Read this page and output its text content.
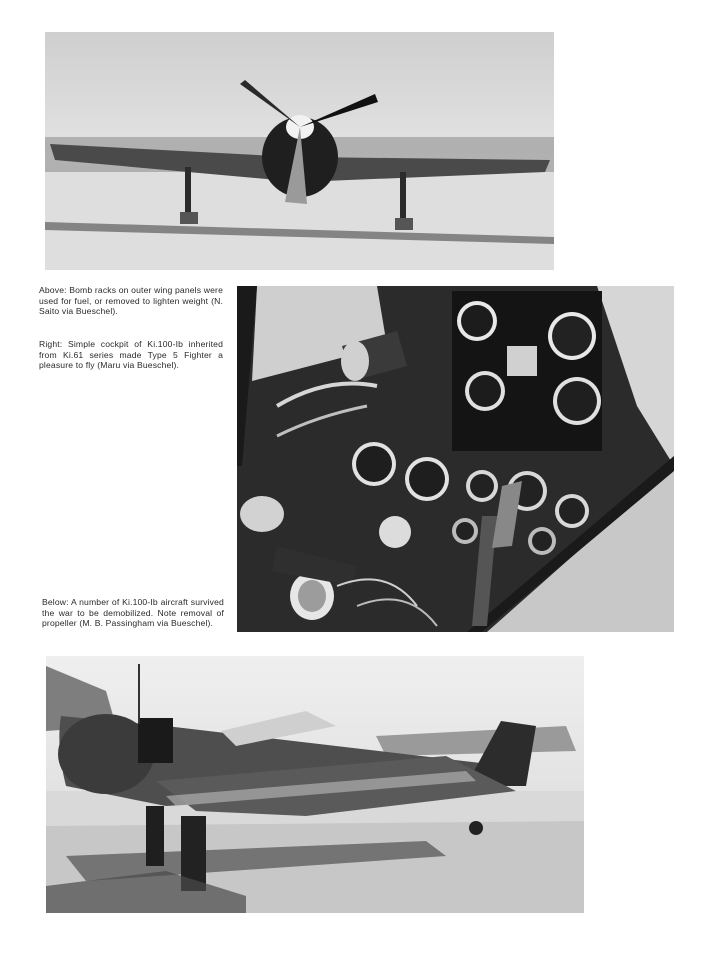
Above: Bomb racks on outer wing panels were used for fuel, or removed to lighten weight (N. Saito via Bueschel).

Right: Simple cockpit of Ki.100-Ib inherited from Ki.61 series made Type 5 Fighter a pleasure to fly (Maru via Bueschel).

Below: A number of Ki.100-Ib aircraft survived the war to be demobilized. Note removal of propeller (M. B. Passingham via Bueschel).
